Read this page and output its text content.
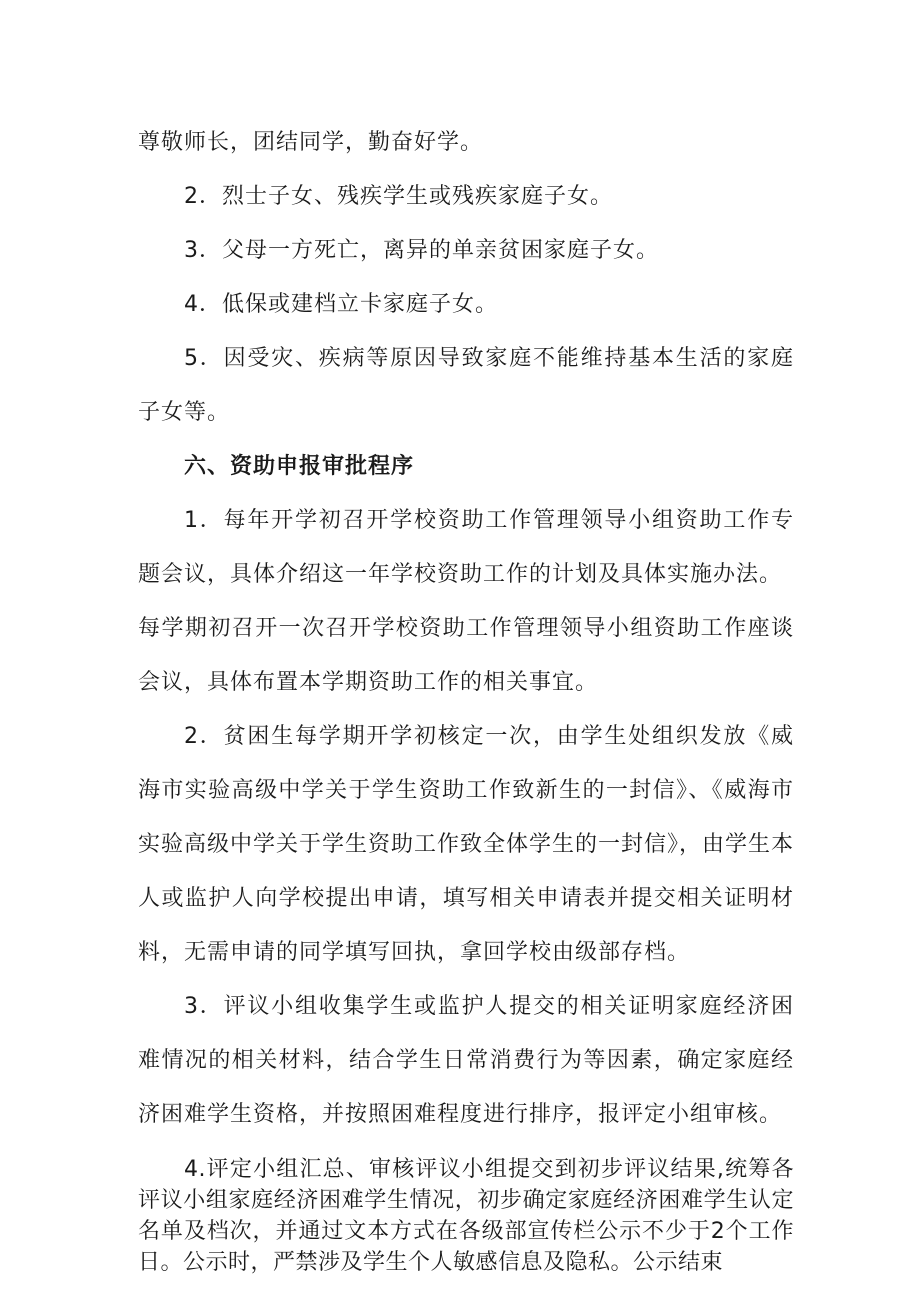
尊敬师长，团结同学，勤奋好学。

2．烈士子女、残疾学生或残疾家庭子女。

3．父母一方死亡，离异的单亲贫困家庭子女。

4．低保或建档立卡家庭子女。

5．因受灾、疾病等原因导致家庭不能维持基本生活的家庭子女等。

六、资助申报审批程序

1．每年开学初召开学校资助工作管理领导小组资助工作专题会议，具体介绍这一年学校资助工作的计划及具体实施办法。

每学期初召开一次召开学校资助工作管理领导小组资助工作座谈会议，具体布置本学期资助工作的相关事宜。

2．贫困生每学期开学初核定一次，由学生处组织发放《威海市实验高级中学关于学生资助工作致新生的一封信》、《威海市实验高级中学关于学生资助工作致全体学生的一封信》，由学生本人或监护人向学校提出申请，填写相关申请表并提交相关证明材料，无需申请的同学填写回执，拿回学校由级部存档。

3．评议小组收集学生或监护人提交的相关证明家庭经济困难情况的相关材料，结合学生日常消费行为等因素，确定家庭经济困难学生资格，并按照困难程度进行排序，报评定小组审核。

4.评定小组汇总、审核评议小组提交到初步评议结果,统筹各评议小组家庭经济困难学生情况，初步确定家庭经济困难学生认定名单及档次，并通过文本方式在各级部宣传栏公示不少于2个工作日。公示时，严禁涉及学生个人敏感信息及隐私。公示结束
